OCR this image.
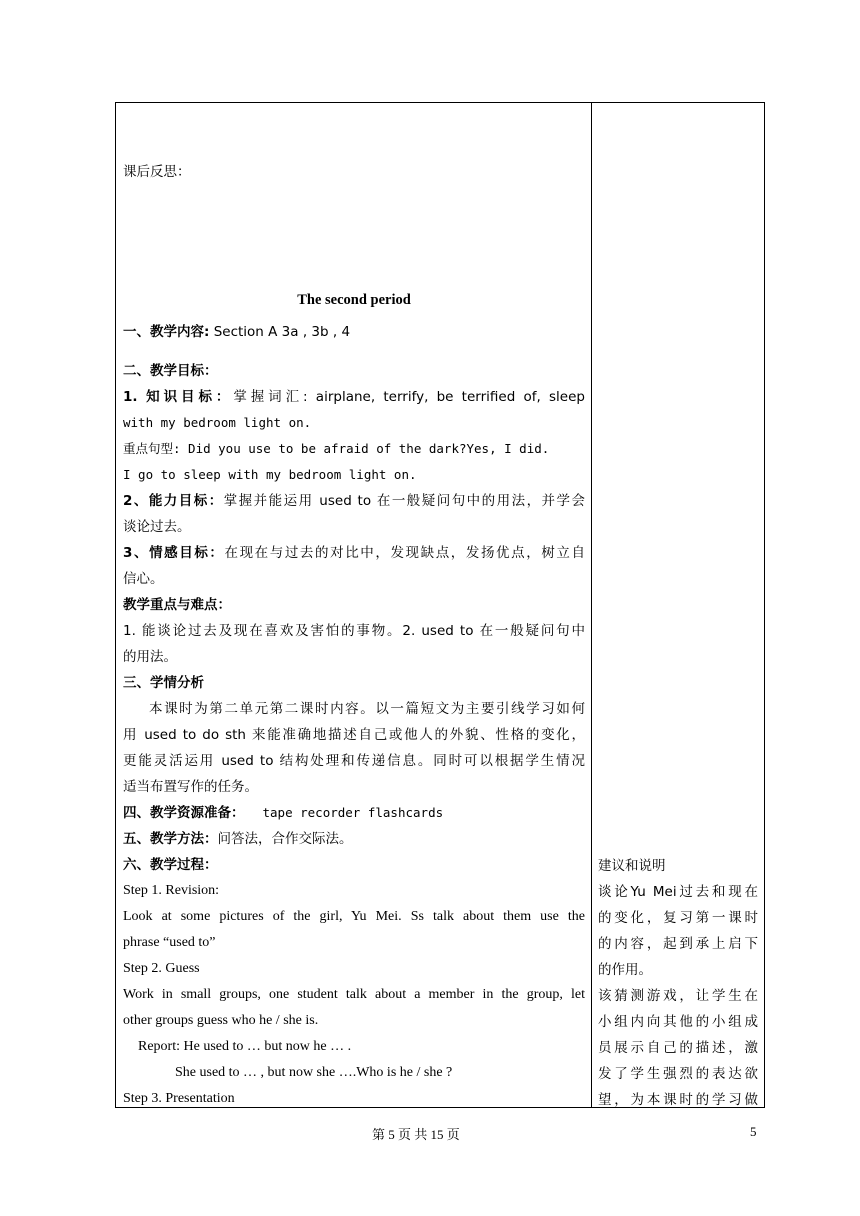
课后反思：
The second period
一、教学内容: Section A 3a , 3b , 4
二、教学目标：
1. 知识目标：掌握词汇: airplane, terrify, be terrified of, sleep
with my bedroom light on.
重点句型: Did you use to be afraid of the dark?Yes, I did.
I go to sleep with my bedroom light on.
2、能力目标：掌握并能运用 used to 在一般疑问句中的用法，并学会
谈论过去。
3、情感目标：在现在与过去的对比中，发现缺点，发扬优点，树立自
信心。
教学重点与难点：
1. 能谈论过去及现在喜欢及害怕的事物。2. used to 在一般疑问句中
的用法。
三、学情分析
本课时为第二单元第二课时内容。以一篇短文为主要引线学习如何
用 used to do sth 来能准确地描述自己或他人的外貌、性格的变化，
更能灵活运用 used to 结构处理和传递信息。同时可以根据学生情况
适当布置写作的任务。
四、教学资源准备： tape recorder flashcards
五、教学方法：问答法，合作交际法。
六、教学过程：
Step 1. Revision:
Look at some pictures of the girl, Yu Mei. Ss talk about them use the
phrase “used to”
Step 2. Guess
Work in small groups, one student talk about a member in the group, let
other groups guess who he / she is.
Report: He used to … but now he … .
She used to … , but now she ….Who is he / she ?
Step 3. Presentation
建议和说明
谈论Yu Mei过去和现在
的变化，复习第一课时
的内容，起到承上启下
的作用。
该猜测游戏，让学生在
小组内向其他的小组成
员展示自己的描述，激
发了学生强烈的表达欲
望，为本课时的学习做
第 5 页 共 15 页	5
